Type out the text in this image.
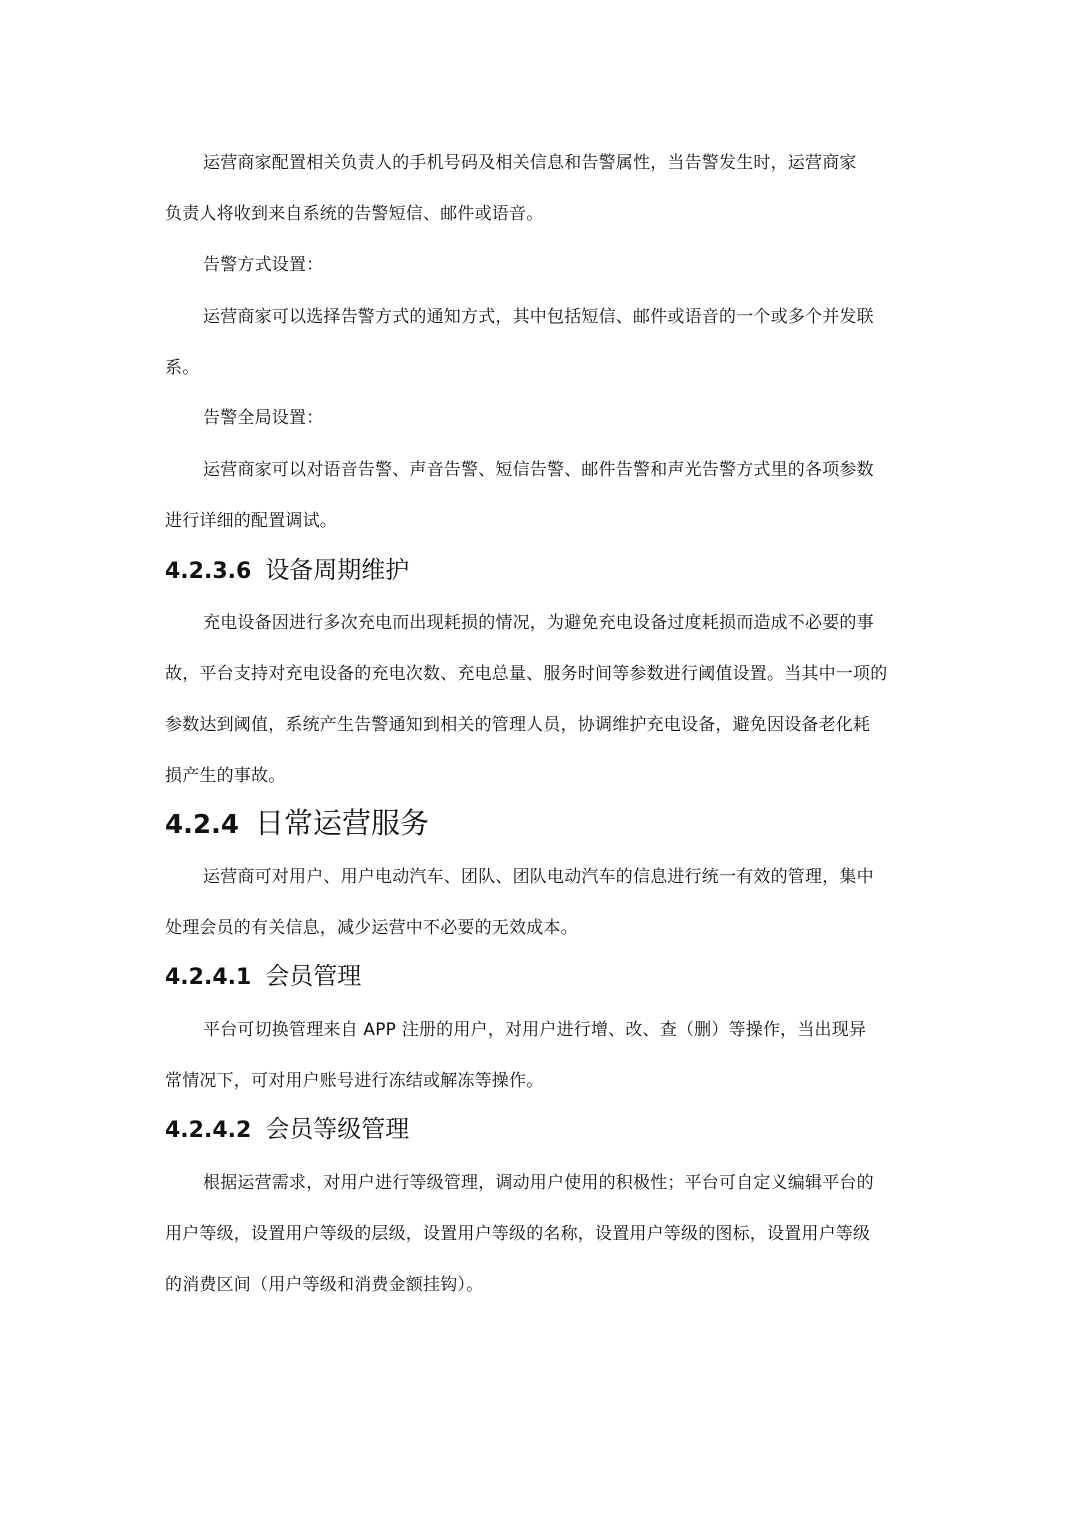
运营商家配置相关负责人的手机号码及相关信息和告警属性，当告警发生时，运营商家
负责人将收到来自系统的告警短信、邮件或语音。
告警方式设置：
运营商家可以选择告警方式的通知方式，其中包括短信、邮件或语音的一个或多个并发联
系。
告警全局设置：
运营商家可以对语音告警、声音告警、短信告警、邮件告警和声光告警方式里的各项参数
进行详细的配置调试。
4.2.3.6 设备周期维护
充电设备因进行多次充电而出现耗损的情况，为避免充电设备过度耗损而造成不必要的事
故，平台支持对充电设备的充电次数、充电总量、服务时间等参数进行阈值设置。当其中一项的
参数达到阈值，系统产生告警通知到相关的管理人员，协调维护充电设备，避免因设备老化耗
损产生的事故。
4.2.4 日常运营服务
运营商可对用户、用户电动汽车、团队、团队电动汽车的信息进行统一有效的管理，集中
处理会员的有关信息，减少运营中不必要的无效成本。
4.2.4.1 会员管理
平台可切换管理来自 APP 注册的用户，对用户进行增、改、查（删）等操作，当出现异
常情况下，可对用户账号进行冻结或解冻等操作。
4.2.4.2 会员等级管理
根据运营需求，对用户进行等级管理，调动用户使用的积极性；平台可自定义编辑平台的
用户等级，设置用户等级的层级，设置用户等级的名称，设置用户等级的图标，设置用户等级
的消费区间（用户等级和消费金额挂钩）。
